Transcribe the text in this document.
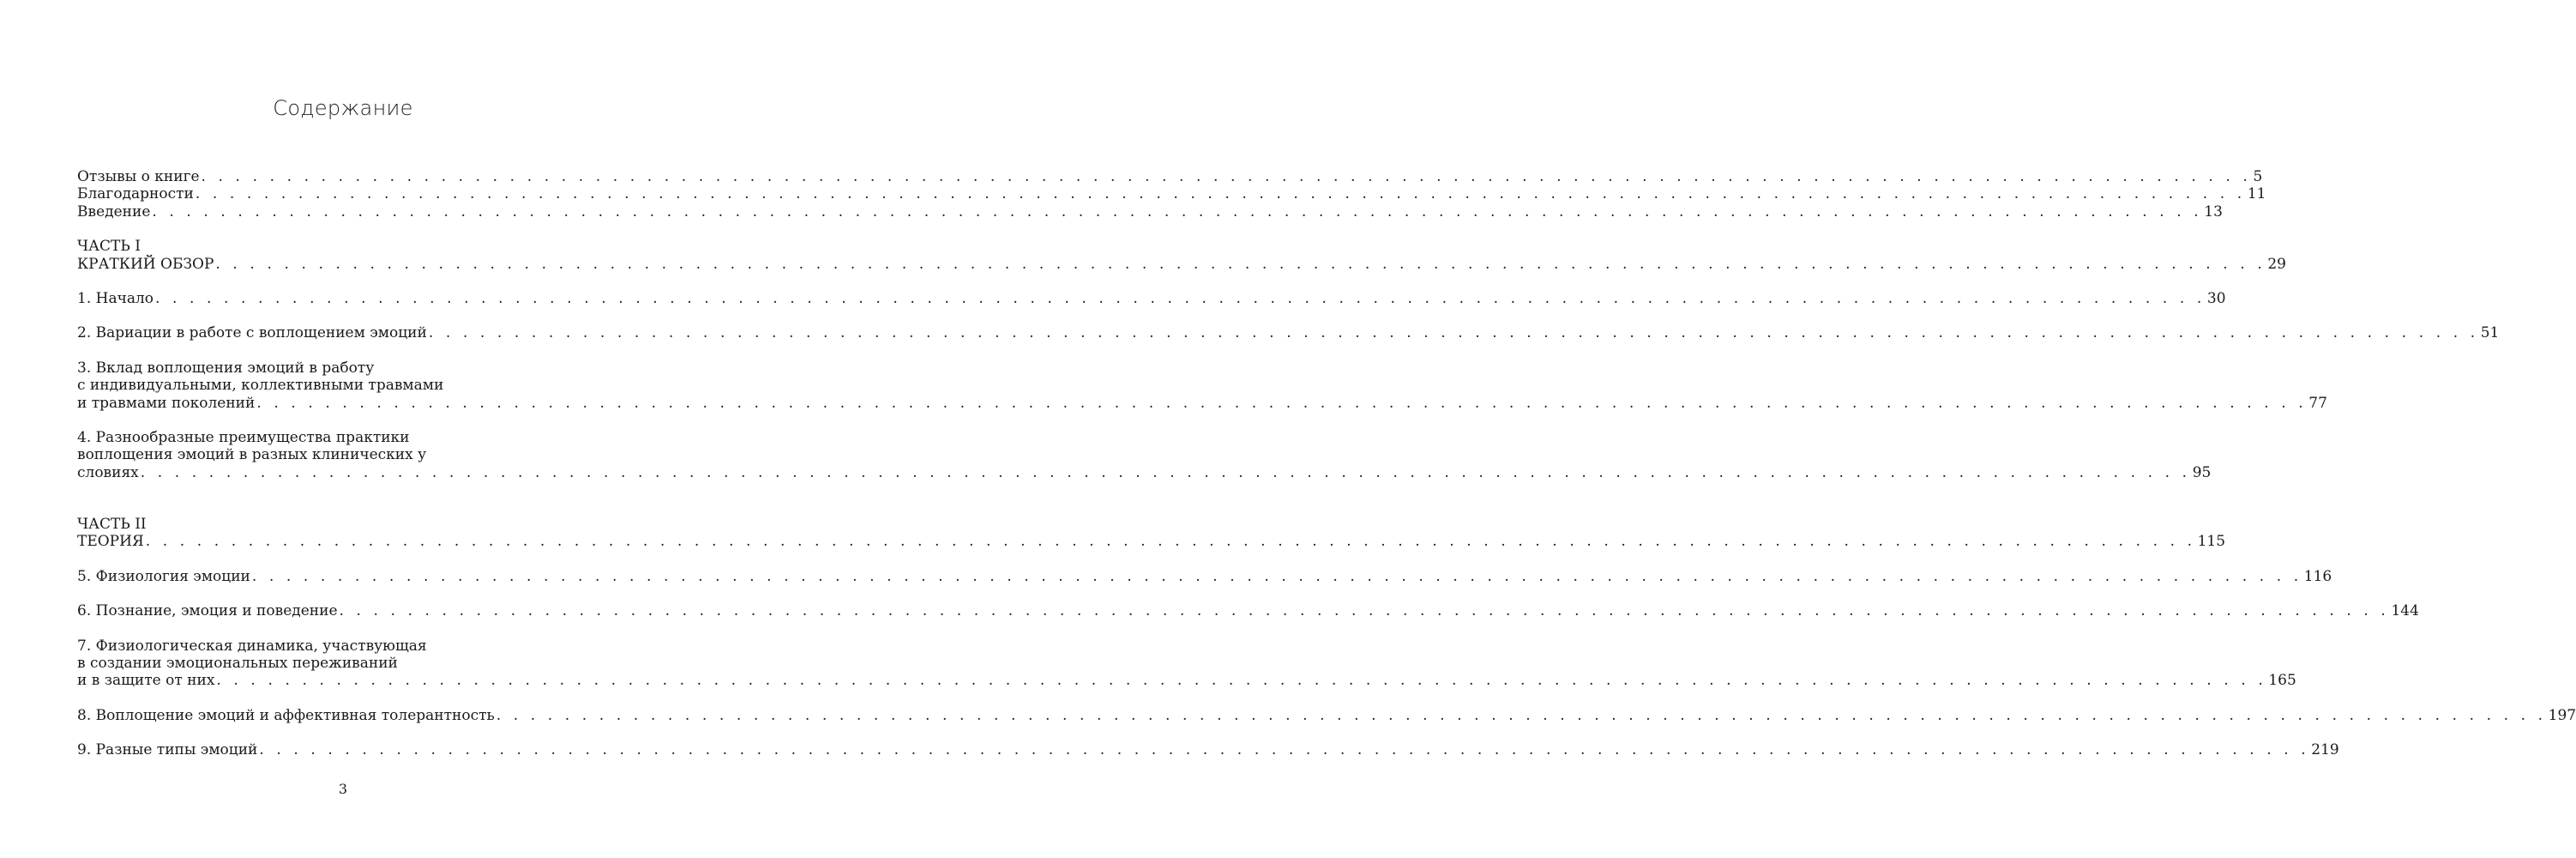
Содержание
Отзывы о книге . . . . . . . . . . . . . . . . . . . . . . . . . . . . . . . . . . . . . . . . . . . . . . . . . . . . . . . . . . . . . . . . . . . . . . . . . . . . . . . . . . . . . . . . . . . . . . . . . . . . . . . . . . . . . . . . . . . . . . . . 5
Благодарности . . . . . . . . . . . . . . . . . . . . . . . . . . . . . . . . . . . . . . . . . . . . . . . . . . . . . . . . . . . . . . . . . . . . . . . . . . . . . . . . . . . . . . . . . . . . . . . . . . . . . . . . . . . . . . . . . . . . . . . . 11
Введение . . . . . . . . . . . . . . . . . . . . . . . . . . . . . . . . . . . . . . . . . . . . . . . . . . . . . . . . . . . . . . . . . . . . . . . . . . . . . . . . . . . . . . . . . . . . . . . . . . . . . . . . . . . . . . . . . . . . . . . . 13
ЧАСТЬ I
КРАТКИЙ ОБЗОР . . . . . . . . . . . . . . . . . . . . . . . . . . . . . . . . . . . . . . . . . . . . . . . . . . . . . . . . . . . . . . . . . . . . . . . . . . . . . . . . . . . . . . . . . . . . . . . . . . . . . . . . . . . . . . . . . . . . . . . . 29
1. Начало . . . . . . . . . . . . . . . . . . . . . . . . . . . . . . . . . . . . . . . . . . . . . . . . . . . . . . . . . . . . . . . . . . . . . . . . . . . . . . . . . . . . . . . . . . . . . . . . . . . . . . . . . . . . . . . . . . . . . . . . 30
2. Вариации в работе с воплощением эмоций . . . . . . . . . . . . . . . . . . . . . . . . . . . . . . . . . . . . . . . . . . . . . . . . . . . . . . . . . . . . . . . . . . . . . . . . . . . . . . . . . . . . . . . . . . . . . . . . . . . . . . . . . . . . . . . . . . . . . . . . 51
3. Вклад воплощения эмоций в работу
с индивидуальными, коллективными травмами
и травмами поколений . . . . . . . . . . . . . . . . . . . . . . . . . . . . . . . . . . . . . . . . . . . . . . . . . . . . . . . . . . . . . . . . . . . . . . . . . . . . . . . . . . . . . . . . . . . . . . . . . . . . . . . . . . . . . . . . . . . . . . . . 77
4. Разнообразные преимущества практики
воплощения эмоций в разных клинических у
словиях . . . . . . . . . . . . . . . . . . . . . . . . . . . . . . . . . . . . . . . . . . . . . . . . . . . . . . . . . . . . . . . . . . . . . . . . . . . . . . . . . . . . . . . . . . . . . . . . . . . . . . . . . . . . . . . . . . . . . . . . 95
ЧАСТЬ II
ТЕОРИЯ . . . . . . . . . . . . . . . . . . . . . . . . . . . . . . . . . . . . . . . . . . . . . . . . . . . . . . . . . . . . . . . . . . . . . . . . . . . . . . . . . . . . . . . . . . . . . . . . . . . . . . . . . . . . . . . . . . . . . . . . 115
5. Физиология эмоции . . . . . . . . . . . . . . . . . . . . . . . . . . . . . . . . . . . . . . . . . . . . . . . . . . . . . . . . . . . . . . . . . . . . . . . . . . . . . . . . . . . . . . . . . . . . . . . . . . . . . . . . . . . . . . . . . . . . . . . . 116
6. Познание, эмоция и поведение . . . . . . . . . . . . . . . . . . . . . . . . . . . . . . . . . . . . . . . . . . . . . . . . . . . . . . . . . . . . . . . . . . . . . . . . . . . . . . . . . . . . . . . . . . . . . . . . . . . . . . . . . . . . . . . . . . . . . . . . 144
7. Физиологическая динамика, участвующая
в создании эмоциональных переживаний
и в защите от них . . . . . . . . . . . . . . . . . . . . . . . . . . . . . . . . . . . . . . . . . . . . . . . . . . . . . . . . . . . . . . . . . . . . . . . . . . . . . . . . . . . . . . . . . . . . . . . . . . . . . . . . . . . . . . . . . . . . . . . . 165
8. Воплощение эмоций и аффективная толерантность . . . . . . . . . . . . . . . . . . . . . . . . . . . . . . . . . . . . . . . . . . . . . . . . . . . . . . . . . . . . . . . . . . . . . . . . . . . . . . . . . . . . . . . . . . . . . . . . . . . . . . . . . . . . . . . . . . . . . . . . 197
9. Разные типы эмоций . . . . . . . . . . . . . . . . . . . . . . . . . . . . . . . . . . . . . . . . . . . . . . . . . . . . . . . . . . . . . . . . . . . . . . . . . . . . . . . . . . . . . . . . . . . . . . . . . . . . . . . . . . . . . . . . . . . . . . . . 219
3
